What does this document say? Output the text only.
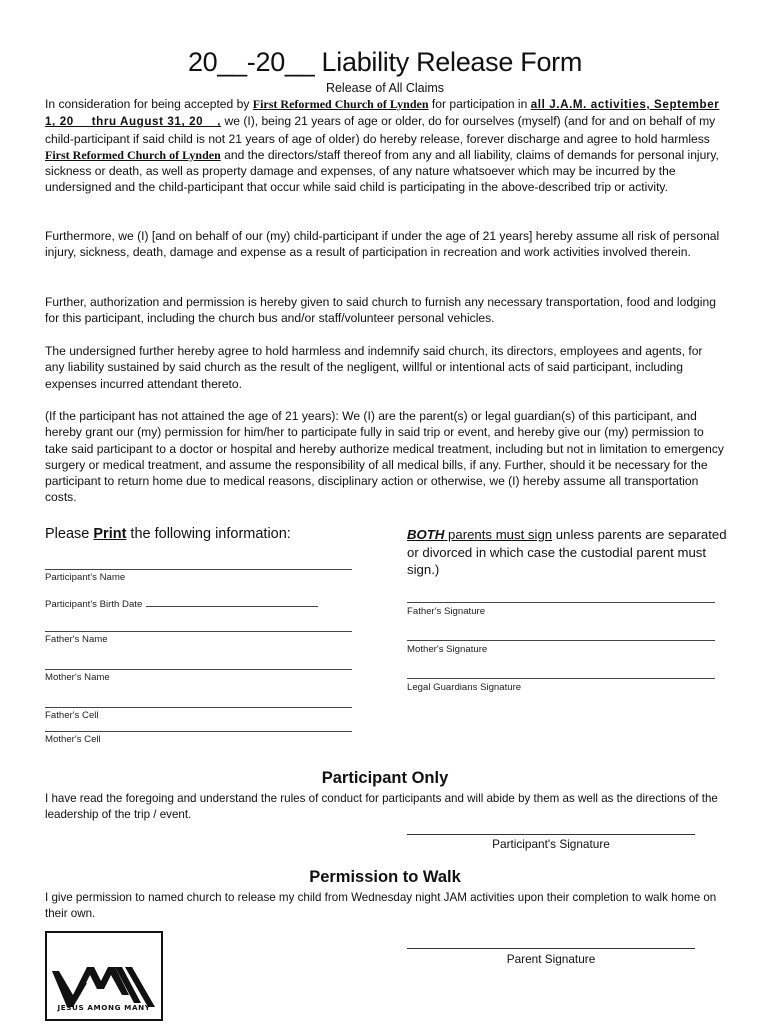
20__-20__ Liability Release Form
Release of All Claims

In consideration for being accepted by First Reformed Church of Lynden for participation in all J.A.M. activities, September 1, 20__ thru August 31, 20__, we (I), being 21 years of age or older, do for ourselves (myself) (and for and on behalf of my child-participant if said child is not 21 years of age of older) do hereby release, forever discharge and agree to hold harmless First Reformed Church of Lynden and the directors/staff thereof from any and all liability, claims of demands for personal injury, sickness or death, as well as property damage and expenses, of any nature whatsoever which may be incurred by the undersigned and the child-participant that occur while said child is participating in the above-described trip or activity.

Furthermore, we (I) [and on behalf of our (my) child-participant if under the age of 21 years] hereby assume all risk of personal injury, sickness, death, damage and expense as a result of participation in recreation and work activities involved therein.

Further, authorization and permission is hereby given to said church to furnish any necessary transportation, food and lodging for this participant, including the church bus and/or staff/volunteer personal vehicles.

The undersigned further hereby agree to hold harmless and indemnify said church, its directors, employees and agents, for any liability sustained by said church as the result of the negligent, willful or intentional acts of said participant, including expenses incurred attendant thereto.

(If the participant has not attained the age of 21 years): We (I) are the parent(s) or legal guardian(s) of this participant, and hereby grant our (my) permission for him/her to participate fully in said trip or event, and hereby give our (my) permission to take said participant to a doctor or hospital and hereby authorize medical treatment, including but not in limitation to emergency surgery or medical treatment, and assume the responsibility of all medical bills, if any. Further, should it be necessary for the participant to return home due to medical reasons, disciplinary action or otherwise, we (I) hereby assume all transportation costs.

Please Print the following information:	BOTH parents must sign unless parents are separated or divorced in which case the custodial parent must sign.)
Participant's Name
Participant's Birth Date
Father's Name
Mother's Name
Father's Cell
Mother's Cell
Father's Signature
Mother's Signature
Legal Guardians Signature
Participant Only
I have read the foregoing and understand the rules of conduct for participants and will abide by them as well as the directions of the leadership of the trip / event.
Participant's Signature
Permission to Walk
I give permission to named church to release my child from Wednesday night JAM activities upon their completion to walk home on their own.
Parent Signature
JESUS AMONG MANY
